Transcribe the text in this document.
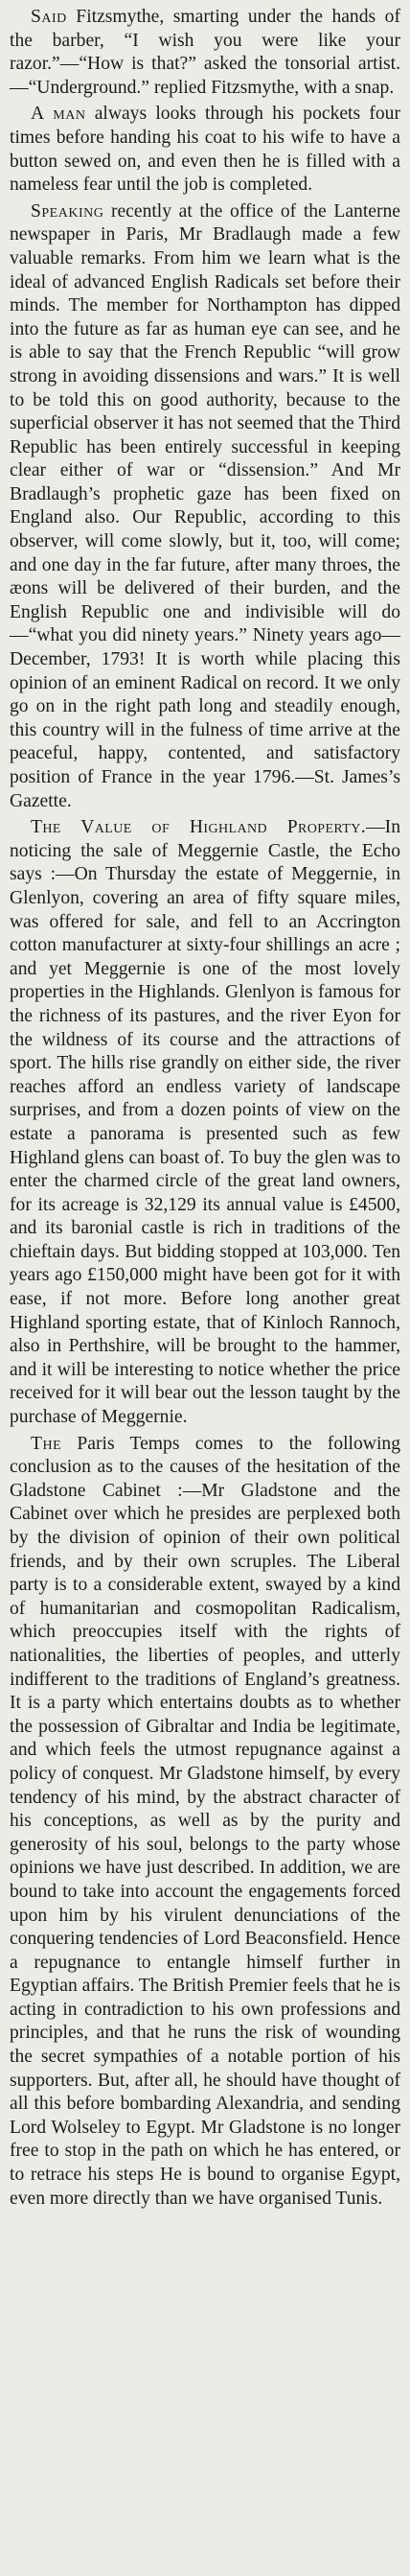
Said Fitzsmythe, smarting under the hands of the barber, “I wish you were like your razor.”—“How is that?” asked the tonsorial artist.—“Underground.” replied Fitzsmythe, with a snap.

A man always looks through his pockets four times before handing his coat to his wife to have a button sewed on, and even then he is filled with a nameless fear until the job is completed.

Speaking recently at the office of the Lanterne newspaper in Paris, Mr Bradlaugh made a few valuable remarks. From him we learn what is the ideal of advanced English Radicals set before their minds. The member for Northampton has dipped into the future as far as human eye can see, and he is able to say that the French Republic “will grow strong in avoiding dissensions and wars.” It is well to be told this on good authority, because to the superficial observer it has not seemed that the Third Republic has been entirely successful in keeping clear either of war or “dissension.” And Mr Bradlaugh’s prophetic gaze has been fixed on England also. Our Republic, according to this observer, will come slowly, but it, too, will come; and one day in the far future, after many throes, the æons will be delivered of their burden, and the English Republic one and indivisible will do—“what you did ninety years.” Ninety years ago—December, 1793! It is worth while placing this opinion of an eminent Radical on record. It we only go on in the right path long and steadily enough, this country will in the fulness of time arrive at the peaceful, happy, contented, and satisfactory position of France in the year 1796.—St. James’s Gazette.

The Value of Highland Property.—In noticing the sale of Meggernie Castle, the Echo says :—On Thursday the estate of Meggernie, in Glenlyon, covering an area of fifty square miles, was offered for sale, and fell to an Accrington cotton manufacturer at sixty-four shillings an acre ; and yet Meggernie is one of the most lovely properties in the Highlands. Glenlyon is famous for the richness of its pastures, and the river Eyon for the wildness of its course and the attractions of sport. The hills rise grandly on either side, the river reaches afford an endless variety of landscape surprises, and from a dozen points of view on the estate a panorama is presented such as few Highland glens can boast of. To buy the glen was to enter the charmed circle of the great land owners, for its acreage is 32,129 its annual value is £4500, and its baronial castle is rich in traditions of the chieftain days. But bidding stopped at 103,000. Ten years ago £150,000 might have been got for it with ease, if not more. Before long another great Highland sporting estate, that of Kinloch Rannoch, also in Perthshire, will be brought to the hammer, and it will be interesting to notice whether the price received for it will bear out the lesson taught by the purchase of Meggernie.

The Paris Temps comes to the following conclusion as to the causes of the hesitation of the Gladstone Cabinet :—Mr Gladstone and the Cabinet over which he presides are perplexed both by the division of opinion of their own political friends, and by their own scruples. The Liberal party is to a considerable extent, swayed by a kind of humanitarian and cosmopolitan Radicalism, which preoccupies itself with the rights of nationalities, the liberties of peoples, and utterly indifferent to the traditions of England’s greatness. It is a party which entertains doubts as to whether the possession of Gibraltar and India be legitimate, and which feels the utmost repugnance against a policy of conquest. Mr Gladstone himself, by every tendency of his mind, by the abstract character of his conceptions, as well as by the purity and generosity of his soul, belongs to the party whose opinions we have just described. In addition, we are bound to take into account the engagements forced upon him by his virulent denunciations of the conquering tendencies of Lord Beaconsfield. Hence a repugnance to entangle himself further in Egyptian affairs. The British Premier feels that he is acting in contradiction to his own professions and principles, and that he runs the risk of wounding the secret sympathies of a notable portion of his supporters. But, after all, he should have thought of all this before bombarding Alexandria, and sending Lord Wolseley to Egypt. Mr Gladstone is no longer free to stop in the path on which he has entered, or to retrace his steps He is bound to organise Egypt, even more directly than we have organised Tunis.
